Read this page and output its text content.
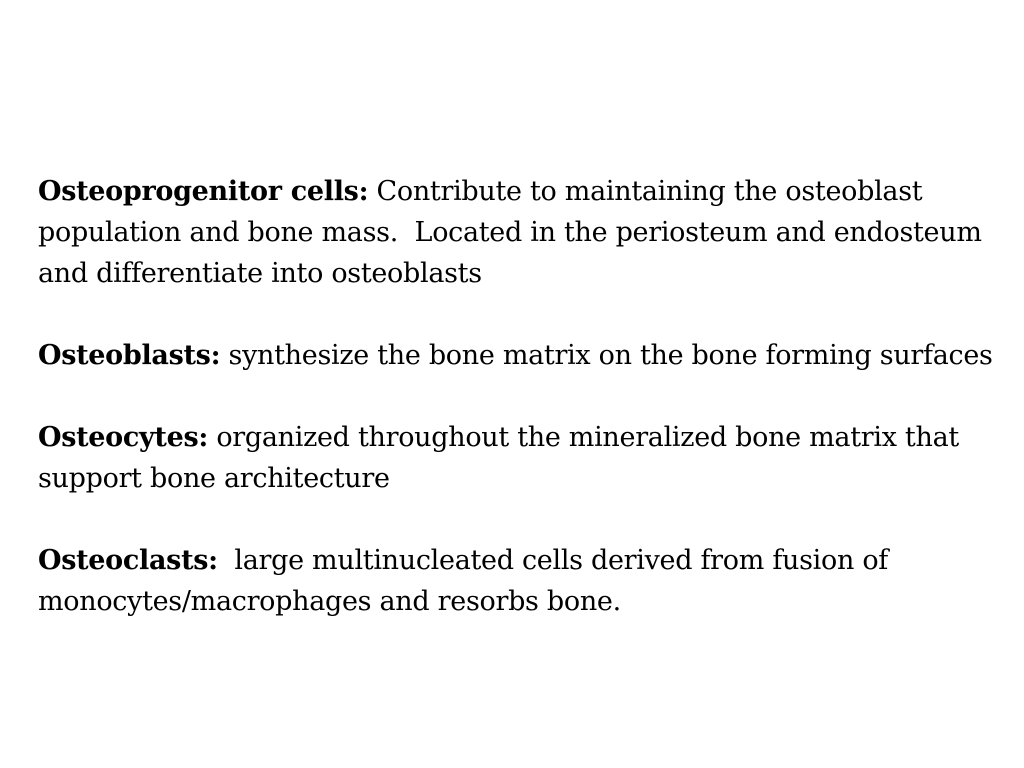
Osteoprogenitor cells: Contribute to maintaining the osteoblast population and bone mass.  Located in the periosteum and endosteum and differentiate into osteoblasts

Osteoblasts: synthesize the bone matrix on the bone forming surfaces

Osteocytes: organized throughout the mineralized bone matrix that support bone architecture

Osteoclasts:  large multinucleated cells derived from fusion of monocytes/macrophages and resorbs bone.
